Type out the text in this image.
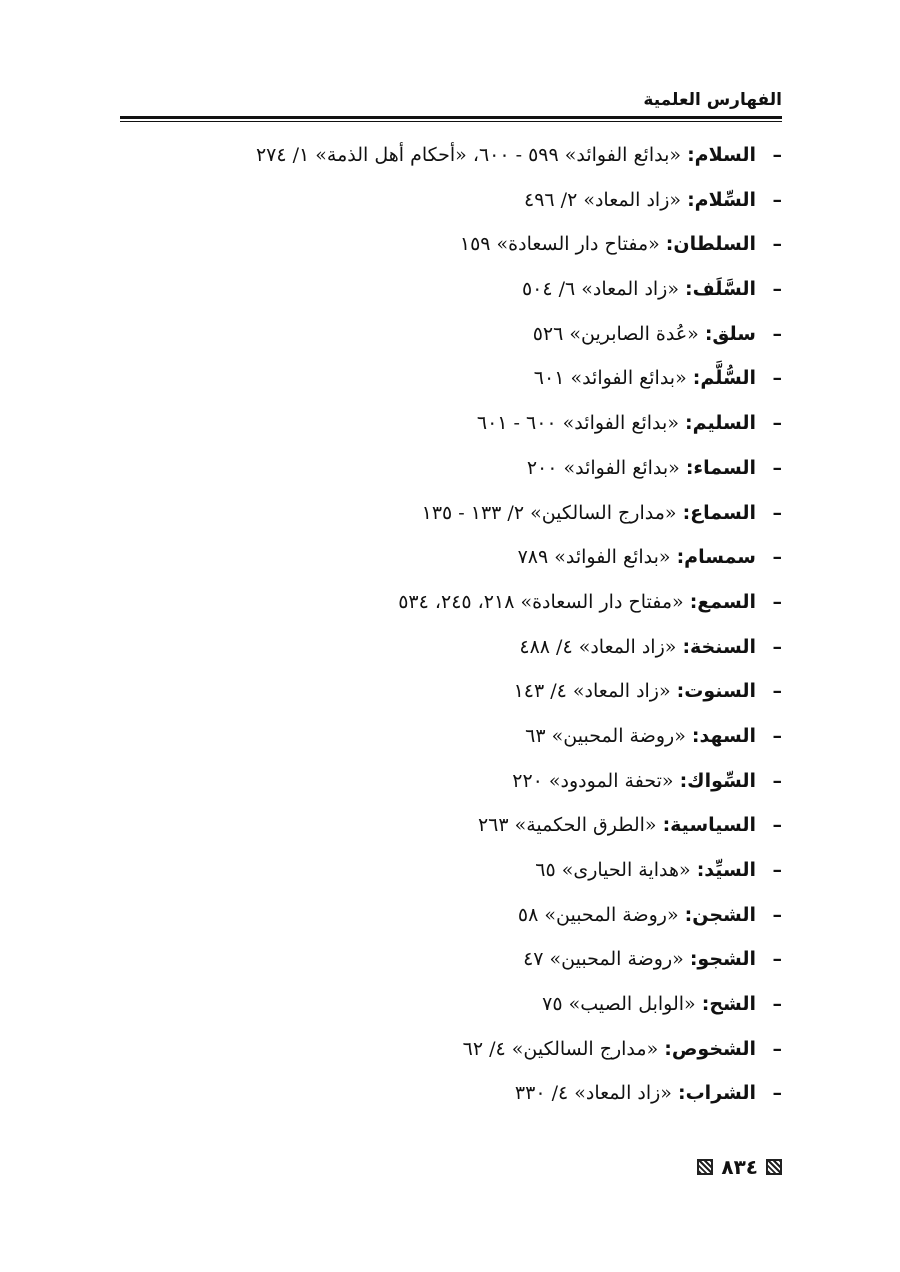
الفهارس العلمية
–السلام: «بدائع الفوائد» ٥٩٩ - ٦٠٠، «أحكام أهل الذمة» ١/ ٢٧٤
–السِّلام: «زاد المعاد» ٢/ ٤٩٦
–السلطان: «مفتاح دار السعادة» ١٥٩
–السَّلَف: «زاد المعاد» ٦/ ٥٠٤
–سلق: «عُدة الصابرين» ٥٢٦
–السُّلَّم: «بدائع الفوائد» ٦٠١
–السليم: «بدائع الفوائد» ٦٠٠ - ٦٠١
–السماء: «بدائع الفوائد» ٢٠٠
–السماع: «مدارج السالكين» ٢/ ١٣٣ - ١٣٥
–سمسام: «بدائع الفوائد» ٧٨٩
–السمع: «مفتاح دار السعادة» ٢١٨، ٢٤٥، ٥٣٤
–السنخة: «زاد المعاد» ٤/ ٤٨٨
–السنوت: «زاد المعاد» ٤/ ١٤٣
–السهد: «روضة المحبين» ٦٣
–السِّواك: «تحفة المودود» ٢٢٠
–السياسية: «الطرق الحكمية» ٢٦٣
–السيِّد: «هداية الحيارى» ٦٥
–الشجن: «روضة المحبين» ٥٨
–الشجو: «روضة المحبين» ٤٧
–الشح: «الوابل الصيب» ٧٥
–الشخوص: «مدارج السالكين» ٤/ ٦٢
–الشراب: «زاد المعاد» ٤/ ٣٣٠
٨٣٤
